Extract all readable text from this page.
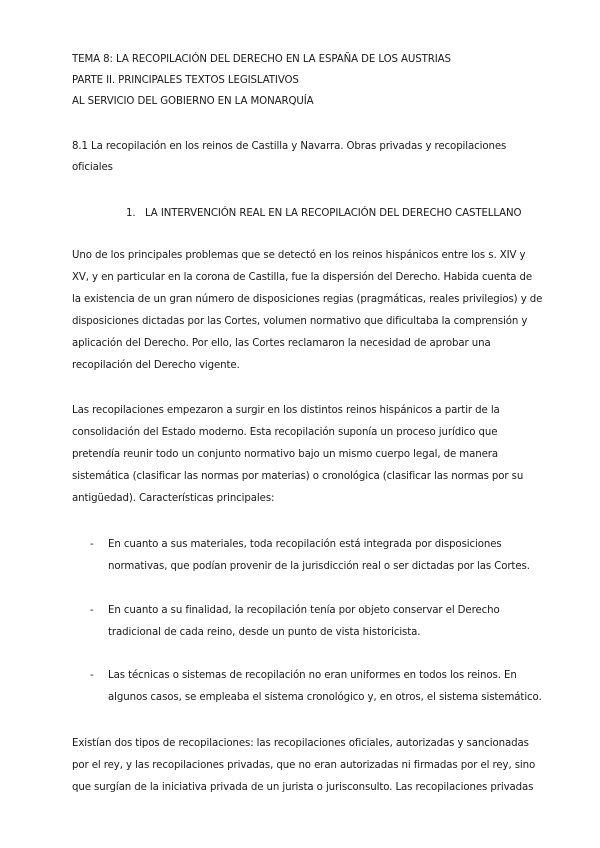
TEMA 8: LA RECOPILACIÓN DEL DERECHO EN LA ESPAÑA DE LOS AUSTRIAS
PARTE II. PRINCIPALES TEXTOS LEGISLATIVOS
AL SERVICIO DEL GOBIERNO EN LA MONARQUÍA
8.1 La recopilación en los reinos de Castilla y Navarra. Obras privadas y recopilaciones
oficiales
1. LA INTERVENCIÓN REAL EN LA RECOPILACIÓN DEL DERECHO CASTELLANO
Uno de los principales problemas que se detectó en los reinos hispánicos entre los s. XIV y
XV, y en particular en la corona de Castilla, fue la dispersión del Derecho. Habida cuenta de
la existencia de un gran número de disposiciones regias (pragmáticas, reales privilegios) y de
disposiciones dictadas por las Cortes, volumen normativo que dificultaba la comprensión y
aplicación del Derecho. Por ello, las Cortes reclamaron la necesidad de aprobar una
recopilación del Derecho vigente.
Las recopilaciones empezaron a surgir en los distintos reinos hispánicos a partir de la
consolidación del Estado moderno. Esta recopilación suponía un proceso jurídico que
pretendía reunir todo un conjunto normativo bajo un mismo cuerpo legal, de manera
sistemática (clasificar las normas por materias) o cronológica (clasificar las normas por su
antigüedad). Características principales:
- En cuanto a sus materiales, toda recopilación está integrada por disposiciones
normativas, que podían provenir de la jurisdicción real o ser dictadas por las Cortes.
- En cuanto a su finalidad, la recopilación tenía por objeto conservar el Derecho
tradicional de cada reino, desde un punto de vista historicista.
- Las técnicas o sistemas de recopilación no eran uniformes en todos los reinos. En
algunos casos, se empleaba el sistema cronológico y, en otros, el sistema sistemático.
Existían dos tipos de recopilaciones: las recopilaciones oficiales, autorizadas y sancionadas
por el rey, y las recopilaciones privadas, que no eran autorizadas ni firmadas por el rey, sino
que surgían de la iniciativa privada de un jurista o jurisconsulto. Las recopilaciones privadas
